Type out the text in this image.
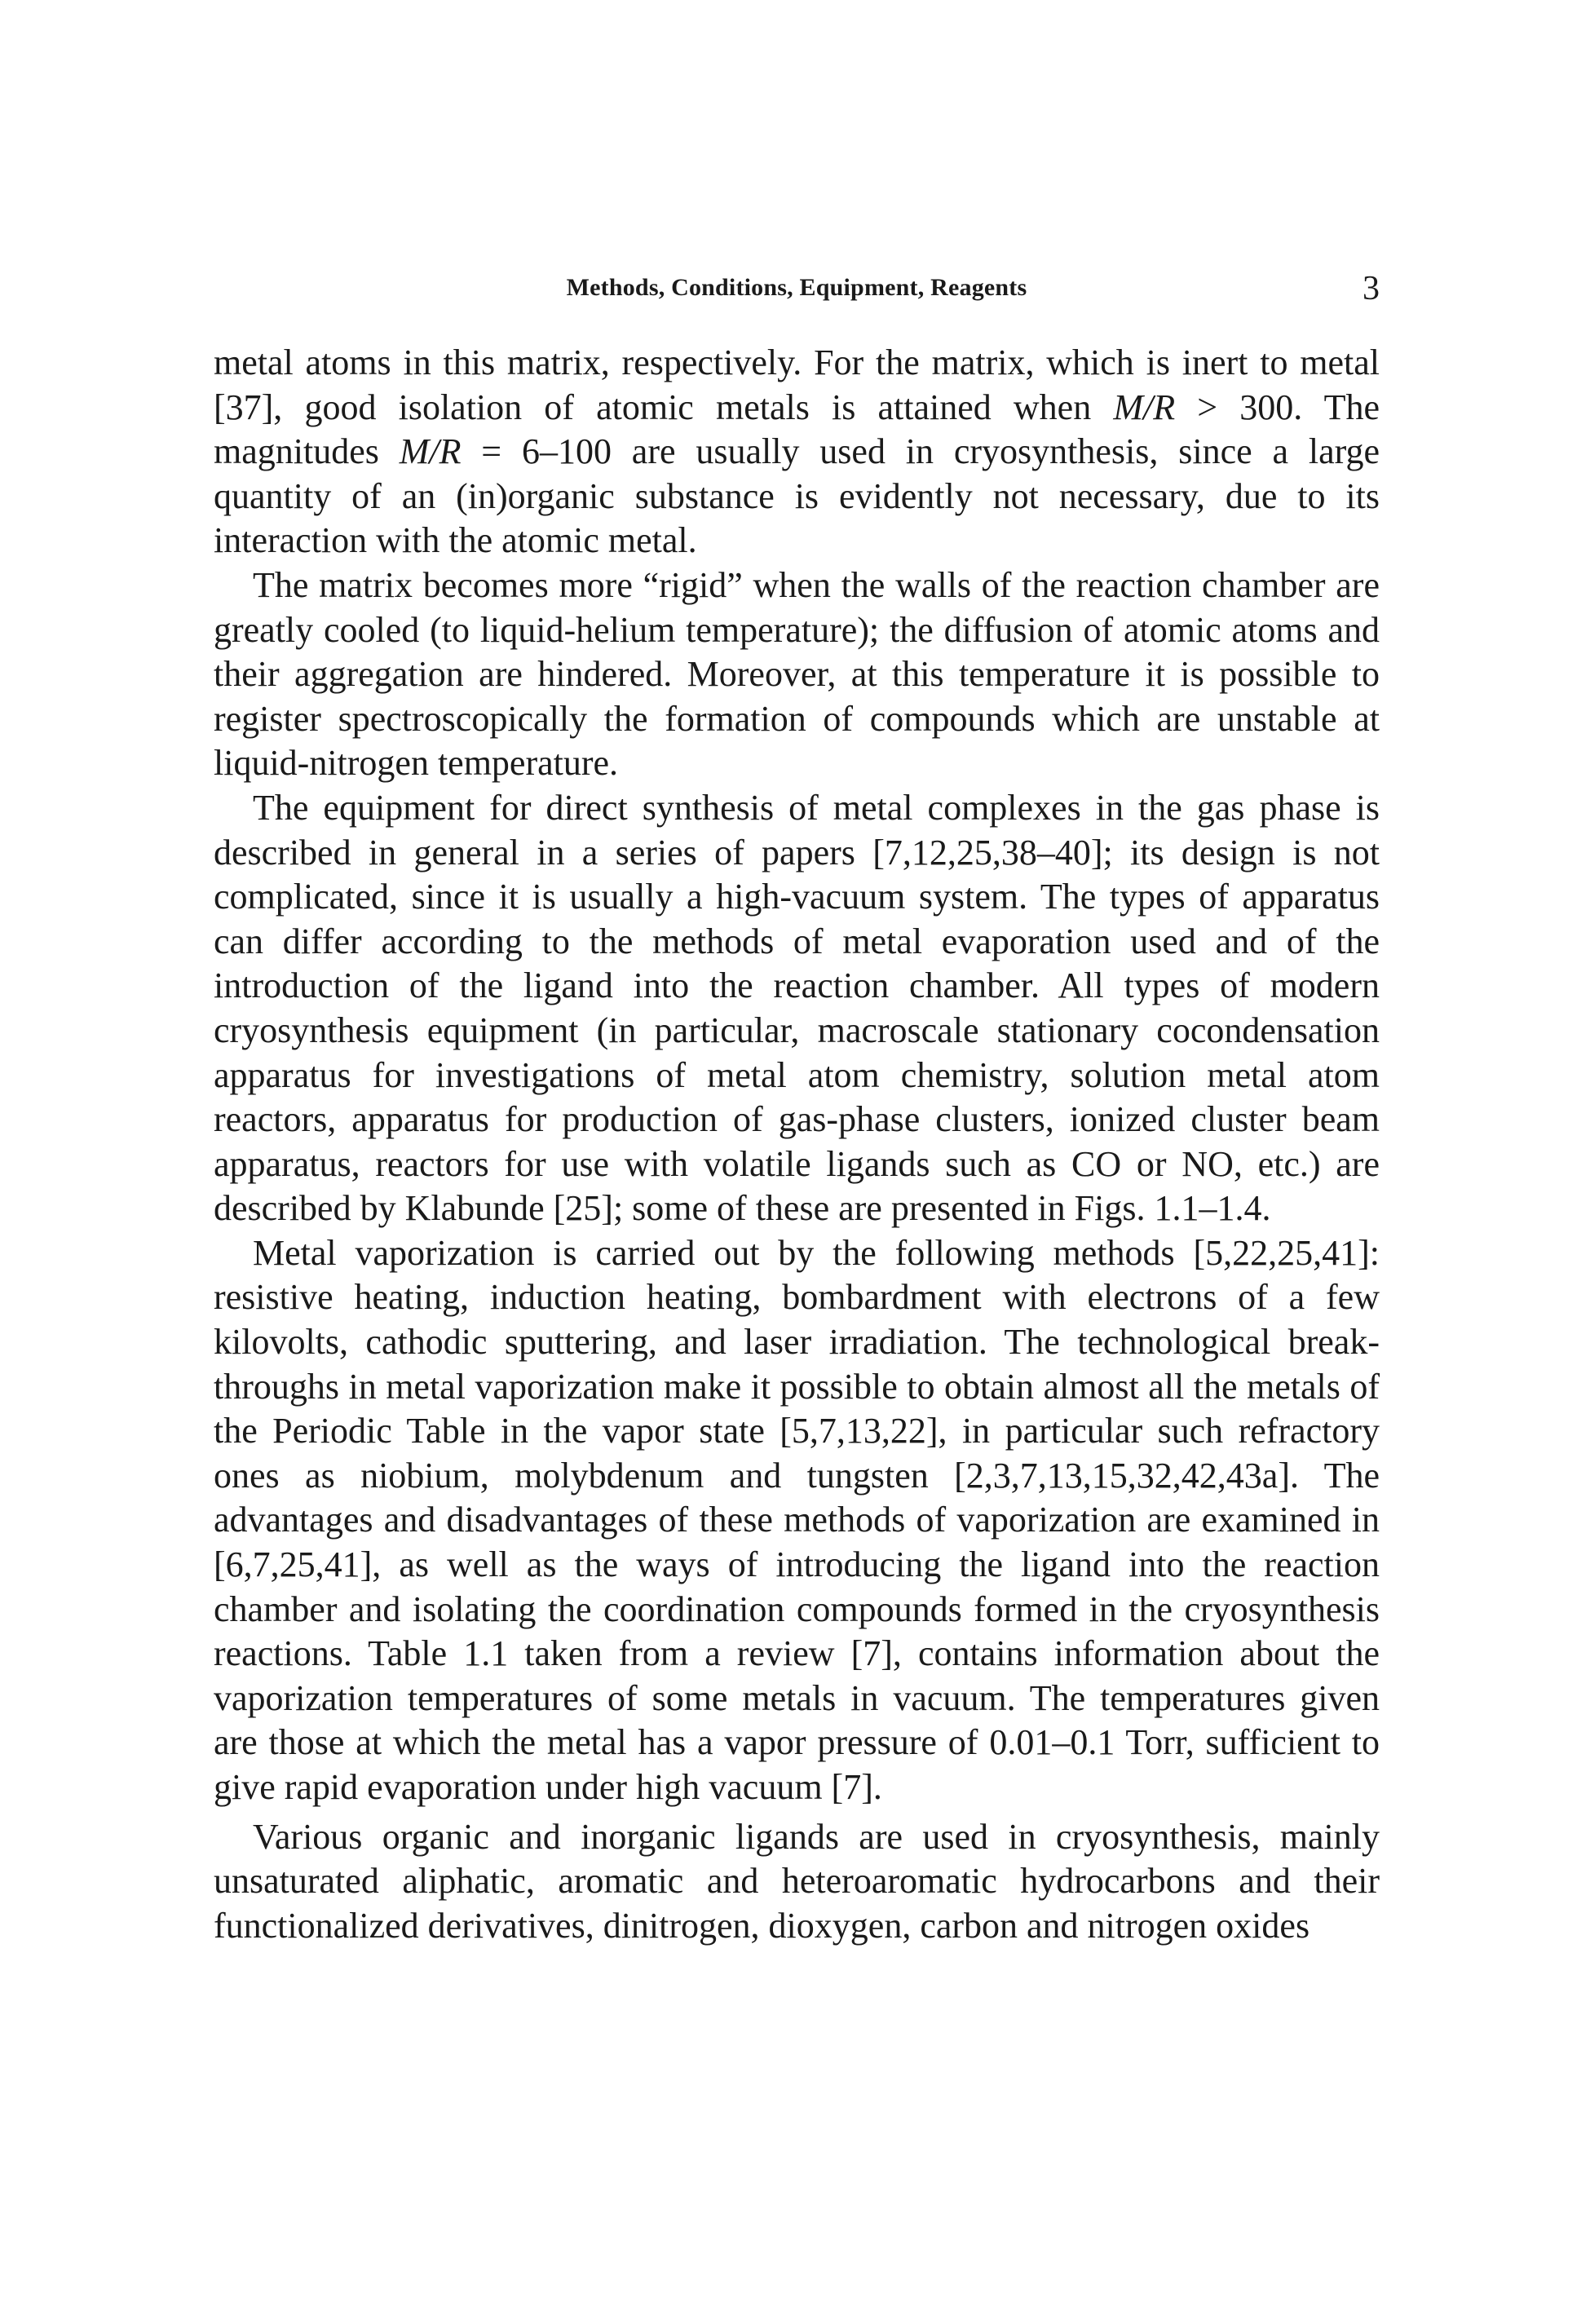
Methods, Conditions, Equipment, Reagents	3

metal atoms in this matrix, respectively. For the matrix, which is inert to metal [37], good isolation of atomic metals is attained when M/R > 300. The magnitudes M/R = 6–100 are usually used in cryosynthesis, since a large quantity of an (in)organic substance is evidently not necessary, due to its interaction with the atomic metal.

The matrix becomes more “rigid” when the walls of the reaction chamber are greatly cooled (to liquid-helium temperature); the diffusion of atomic atoms and their aggregation are hindered. Moreover, at this temperature it is possible to register spectroscopically the formation of compounds which are unstable at liquid-nitrogen temperature.

The equipment for direct synthesis of metal complexes in the gas phase is described in general in a series of papers [7,12,25,38–40]; its design is not complicated, since it is usually a high-vacuum system. The types of apparatus can differ according to the methods of metal evaporation used and of the introduction of the ligand into the reaction chamber. All types of modern cryosynthesis equipment (in particular, macroscale stationary cocondensation apparatus for investigations of metal atom chemistry, solution metal atom reactors, apparatus for production of gas-phase clusters, ionized cluster beam apparatus, reactors for use with volatile ligands such as CO or NO, etc.) are described by Klabunde [25]; some of these are presented in Figs. 1.1–1.4.

Metal vaporization is carried out by the following methods [5,22,25,41]: resistive heating, induction heating, bombardment with electrons of a few kilovolts, cathodic sputtering, and laser irradiation. The technological breakthroughs in metal vaporization make it possible to obtain almost all the metals of the Periodic Table in the vapor state [5,7,13,22], in particular such refractory ones as niobium, molybdenum and tungsten [2,3,7,13,15,32,42,43a]. The advantages and disadvantages of these methods of vaporization are examined in [6,7,25,41], as well as the ways of introducing the ligand into the reaction chamber and isolating the coordination compounds formed in the cryosynthesis reactions. Table 1.1 taken from a review [7], contains information about the vaporization temperatures of some metals in vacuum. The temperatures given are those at which the metal has a vapor pressure of 0.01–0.1 Torr, sufficient to give rapid evaporation under high vacuum [7].

Various organic and inorganic ligands are used in cryosynthesis, mainly unsaturated aliphatic, aromatic and heteroaromatic hydrocarbons and their functionalized derivatives, dinitrogen, dioxygen, carbon and nitrogen oxides
